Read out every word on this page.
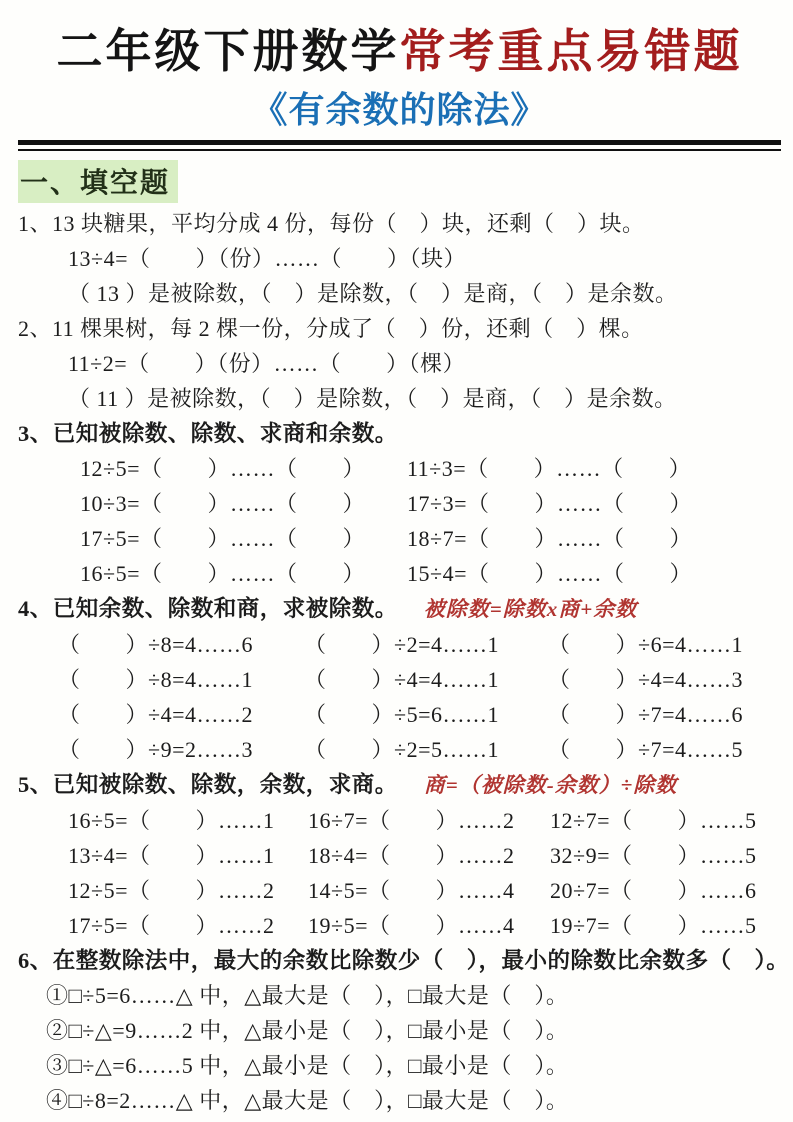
二年级下册数学常考重点易错题
《有余数的除法》
一、填空题
1、13 块糖果，平均分成 4 份，每份（　）块，还剩（　）块。
13÷4=（　　）（份）……（　　）（块）
（ 13 ）是被除数，（　）是除数，（　）是商，（　）是余数。
2、11 棵果树，每 2 棵一份，分成了（　）份，还剩（　）棵。
11÷2=（　　）（份）……（　　）（棵）
（ 11 ）是被除数，（　）是除数，（　）是商，（　）是余数。
3、已知被除数、除数、求商和余数。
12÷5=（　　）……（　　）	11÷3=（　　）……（　　）
10÷3=（　　）……（　　）	17÷3=（　　）……（　　）
17÷5=（　　）……（　　）	18÷7=（　　）……（　　）
16÷5=（　　）……（　　）	15÷4=（　　）……（　　）
4、已知余数、除数和商，求被除数。 被除数=除数x商+余数
（　　）÷8=4……6	（　　）÷2=4……1	（　　）÷6=4……1
（　　）÷8=4……1	（　　）÷4=4……1	（　　）÷4=4……3
（　　）÷4=4……2	（　　）÷5=6……1	（　　）÷7=4……6
（　　）÷9=2……3	（　　）÷2=5……1	（　　）÷7=4……5
5、已知被除数、除数，余数，求商。 商=（被除数-余数）÷除数
16÷5=（　　）……1	16÷7=（　　）……2	12÷7=（　　）……5
13÷4=（　　）……1	18÷4=（　　）……2	32÷9=（　　）……5
12÷5=（　　）……2	14÷5=（　　）……4	20÷7=（　　）……6
17÷5=（　　）……2	19÷5=（　　）……4	19÷7=（　　）……5
6、在整数除法中，最大的余数比除数少（　），最小的除数比余数多（　）。
①□÷5=6……△ 中，△最大是（　），□最大是（　）。
②□÷△=9……2 中，△最小是（　），□最小是（　）。
③□÷△=6……5 中，△最小是（　），□最小是（　）。
④□÷8=2……△ 中，△最大是（　），□最大是（　）。
